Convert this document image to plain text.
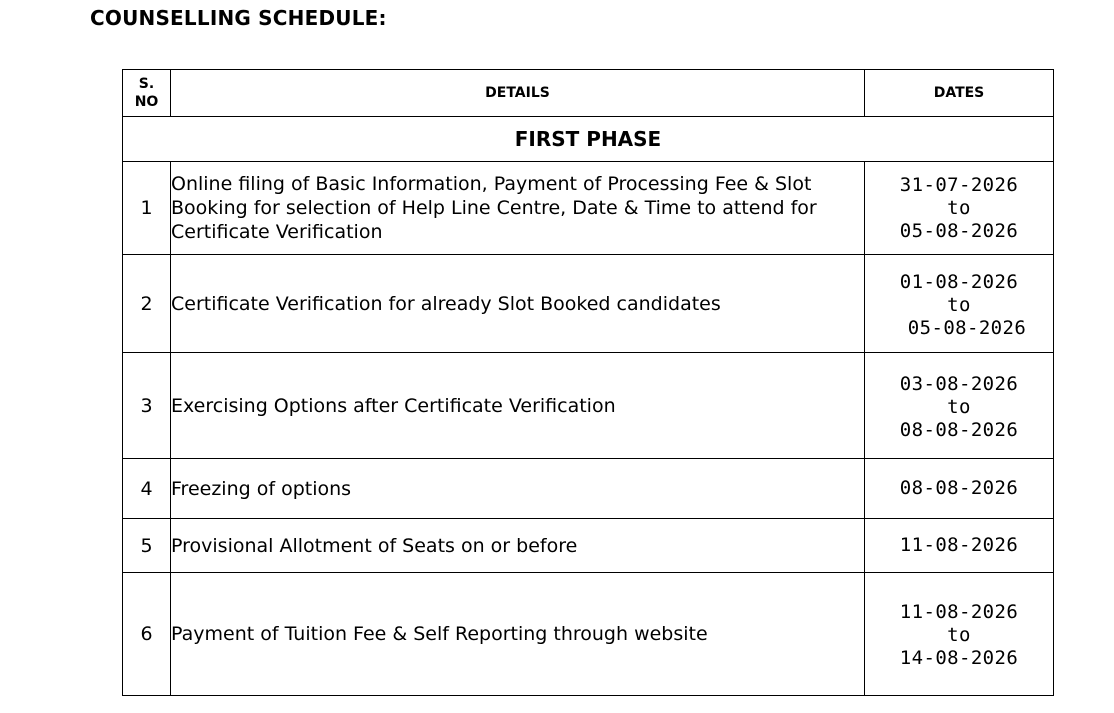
COUNSELLING SCHEDULE:
S.
NO	DETAILS	DATES
FIRST PHASE		
1	Online filing of Basic Information, Payment of Processing Fee & Slot Booking for selection of Help Line Centre, Date & Time to attend for Certificate Verification	31-07-2026
to
05-08-2026

2	Certificate Verification for already Slot Booked candidates	01-08-2026
to
05-08-2026

3	Exercising Options after Certificate Verification	03-08-2026
to
08-08-2026

4	Freezing of options	08-08-2026

5	Provisional Allotment of Seats on or before	11-08-2026

6	Payment of Tuition Fee & Self Reporting through website	11-08-2026
to
14-08-2026
